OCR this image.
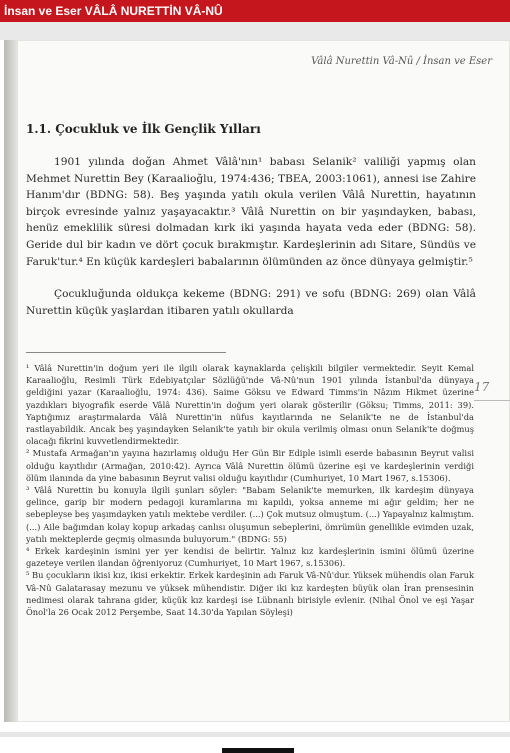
İnsan ve Eser VÂLÂ NURETTİN VÂ-NÛ
Vâlâ Nurettin Vâ-Nû / İnsan ve Eser
1.1. Çocukluk ve İlk Gençlik Yılları

1901 yılında doğan Ahmet Vâlâ'nın¹ babası Selanik² valiliği yapmış olan Mehmet Nurettin Bey (Karaalioğlu, 1974:436; TBEA, 2003:1061), annesi ise Zahire Hanım'dır (BDNG: 58). Beş yaşında yatılı okula verilen Vâlâ Nurettin, hayatının birçok evresinde yalnız yaşayacaktır.³ Vâlâ Nurettin on bir yaşındayken, babası, henüz emeklilik süresi dolmadan kırk iki yaşında hayata veda eder (BDNG: 58). Geride dul bir kadın ve dört çocuk bırakmıştır. Kardeşlerinin adı Sitare, Sündüs ve Faruk'tur.⁴ En küçük kardeşleri babalarının ölümünden az önce dünyaya gelmiştir.⁵

Çocukluğunda oldukça kekeme (BDNG: 291) ve sofu (BDNG: 269) olan Vâlâ Nurettin küçük yaşlardan itibaren yatılı okullarda

¹ Vâlâ Nurettin'in doğum yeri ile ilgili olarak kaynaklarda çelişkili bilgiler vermektedir. Seyit Kemal Karaalioğlu, Resimli Türk Edebiyatçılar Sözlüğü'nde Vâ-Nû'nun 1901 yılında İstanbul'da dünyaya geldiğini yazar (Karaalioğlu, 1974: 436). Saime Göksu ve Edward Timms'in Nâzım Hikmet üzerine yazdıkları biyografik eserde Vâlâ Nurettin'in doğum yeri olarak gösterilir (Göksu; Timms, 2011: 39). Yaptığımız araştırmalarda Vâlâ Nurettin'in nüfus kayıtlarında ne Selanik'te ne de İstanbul'da rastlayabildik. Ancak beş yaşındayken Selanik'te yatılı bir okula verilmiş olması onun Selanik'te doğmuş olacağı fikrini kuvvetlendirmektedir.

² Mustafa Armağan'ın yayına hazırlamış olduğu Her Gün Bir Ediple isimli eserde babasının Beyrut valisi olduğu kayıtlıdır (Armağan, 2010:42). Ayrıca Vâlâ Nurettin ölümü üzerine eşi ve kardeşlerinin verdiği ölüm ilanında da yine babasının Beyrut valisi olduğu kayıtlıdır (Cumhuriyet, 10 Mart 1967, s.15306).

³ Vâlâ Nurettin bu konuyla ilgili şunları söyler: "Babam Selanik'te memurken, ilk kardeşim dünyaya gelince, garip bir modern pedagoji kuramlarına mı kapıldı, yoksa anneme mi ağır geldim; her ne sebepleyse beş yaşımdayken yatılı mektebe verdiler. (...) Çok mutsuz olmuştum. (...) Yapayalnız kalmıştım. (...) Aile bağımdan kolay kopup arkadaş canlısı oluşumun sebeplerini, ömrümün genellikle evimden uzak, yatılı mekteplerde geçmiş olmasında buluyorum." (BDNG: 55)

⁴ Erkek kardeşinin ismini yer yer kendisi de belirtir. Yalnız kız kardeşlerinin ismini ölümü üzerine gazeteye verilen ilandan öğreniyoruz (Cumhuriyet, 10 Mart 1967, s.15306).

⁵ Bu çocukların ikisi kız, ikisi erkektir. Erkek kardeşinin adı Faruk Vâ-Nû'dur. Yüksek mühendis olan Faruk Vâ-Nû Galatarasay mezunu ve yüksek mühendistir. Diğer iki kız kardeşten büyük olan İran prensesinin nedimesi olarak tahrana gider, küçük kız kardeşi ise Lübnanlı birisiyle evlenir. (Nihal Önol ve eşi Yaşar Önol'la 26 Ocak 2012 Perşembe, Saat 14.30'da Yapılan Söyleşi)

17
